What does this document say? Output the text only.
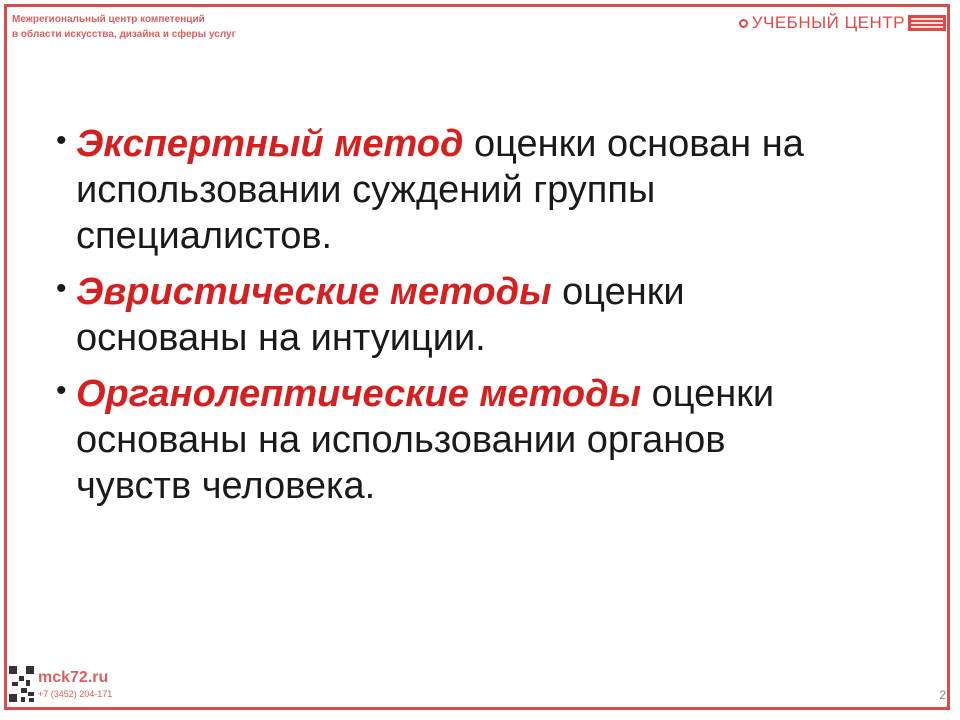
Межрегиональный центр компетенций
в области искусства, дизайна и сферы услуг
УЧЕБНЫЙ ЦЕНТР
• Экспертный метод оценки основан на
использовании суждений группы
специалистов.
• Эвристические методы оценки
основаны на интуиции.
• Органолептические методы оценки
основаны на использовании органов
чувств человека.
mck72.ru
+7 (3452) 204-171	2
